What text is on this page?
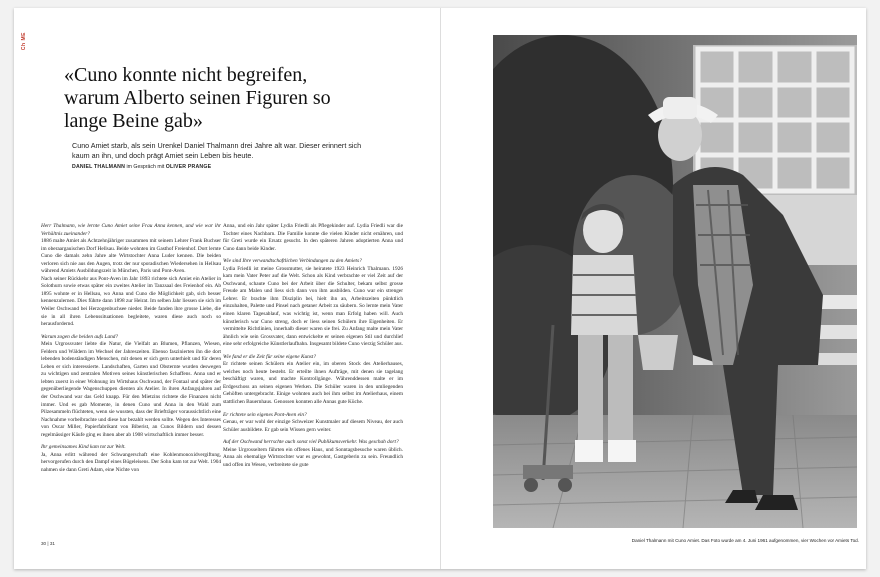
Ch ME
«Cuno konnte nicht begreifen, warum Alberto seinen Figuren so lange Beine gab»

Cuno Amiet starb, als sein Urenkel Daniel Thalmann drei Jahre alt war. Dieser erinnert sich kaum an ihn, und doch prägt Amiet sein Leben bis heute.

DANIEL THALMANN im Gespräch mit OLIVER PRANGE

Herr Thalmann, wie lernte Cuno Amiet seine Frau Anna kennen, und wie war ihr Verhältnis zueinander?

1886 malte Amiet als Achtzehnjähriger zusammen mit seinem Lehrer Frank Buchser im oberaargauischen Dorf Hellsau. Beide wohnten im Gasthof Freienhof. Dort lernte Cuno die damals zehn Jahre alte Wirtstochter Anna Luder kennen. Die beiden verloren sich nie aus den Augen, trotz der nur sporadischen Wiedersehen in Hellsau während Amiets Ausbildungszeit in München, Paris und Pont-Aven.

Nach seiner Rückkehr aus Pont-Aven im Jahr 1893 richtete sich Amiet ein Atelier in Solothurn sowie etwas später ein zweites Atelier im Tanzsaal des Freienhof ein. Ab 1895 wohnte er in Hellsau, wo Anna und Cuno die Möglichkeit gab, sich besser kennenzulernen. Dies führte dann 1898 zur Heirat. Im selben Jahr liessen sie sich im Weiler Oschwand bei Herzogenbuchsee nieder. Beide fanden ihre grosse Liebe, die sie in all ihren Lebenssituationen begleitete, waren diese auch noch so herausfordernd.

Warum zogen die beiden aufs Land?

Mein Urgrossvater liebte die Natur, die Vielfalt an Blumen, Pflanzen, Wiesen, Feldern und Wäldern im Wechsel der Jahreszeiten. Ebenso faszinierten ihn die dort lebenden bodenständigen Menschen, mit denen er sich gern unterhielt und für deren Leben er sich interessierte. Landschaften, Garten und Obsternte wurden deswegen zu wichtigen und zentralen Motiven seines künstlerischen Schaffens. Anna und er lebten zuerst in einer Wohnung im Wirtshaus Oschwand, der Fontaal und später der gegenüberliegende Wagenschuppen dienten als Atelier. In ihren Anfangsjahren auf der Oschwand war das Geld knapp. Für den Mietzins richtete die Finanzen nicht immer. Und es gab Momente, in denen Cuno und Anna in den Wald zum Pilzesammeln flüchteten, wenn sie wussten, dass der Briefträger voraussichtlich eine Nachnahme vorbeibrachte und diese bar bezahlt werden sollte. Wegen des Interesses von Oscar Miller, Papierfabrikant von Biberist, an Cunos Bildern und dessen regelmässiger Käufe ging es ihnen aber ab 1908 wirtschaftlich immer besser.

Ihr gemeinsames Kind kam tot zur Welt.

Ja, Anna erlitt während der Schwangerschaft eine Kohlenmonoxidvergiftung, hervorgerufen durch den Dampf eines Bügeleisens. Der Sohn kam tot zur Welt. 1904 nahmen sie dann Greti Adam, eine Nichte von

Anna, und ein Jahr später Lydia Friedli als Pflegekinder auf. Lydia Friedli war die Tochter eines Nachbarn. Die Familie konnte die vielen Kinder nicht ernähren, und für Greti wurde ein Ersatz gesucht. In den späteren Jahren adoptierten Anna und Cuno dann beide Kinder.

Wie sind Ihre verwandtschaftlichen Verbindungen zu den Amiets?

Lydia Friedli ist meine Grossmutter, sie heiratete 1923 Heinrich Thalmann. 1926 kam mein Vater Peter auf die Welt. Schon als Kind verbrachte er viel Zeit auf der Oschwand, schaute Cuno bei der Arbeit über die Schulter, bekam selbst grosse Freude am Malen und liess sich dann von ihm ausbilden. Cuno war ein strenger Lehrer. Er brachte ihm Disziplin bei, hielt ihn an, Arbeitszeiten pünktlich einzuhalten, Palette und Pinsel nach getaner Arbeit zu säubern. So lernte mein Vater einen klaren Tagesablauf, was wichtig ist, wenn man Erfolg haben will. Auch künstlerisch war Cuno streng, doch er liess seinen Schülern ihre Eigenheiten. Er vermittelte Richtlinien, innerhalb dieser waren sie frei. Zu Anfang malte mein Vater ähnlich wie sein Grossvater, dann entwickelte er seinen eigenen Stil und durchlief eine sehr erfolgreiche Künstlerlaufbahn. Insgesamt bildete Cuno vierzig Schüler aus.

Wie fand er die Zeit für seine eigene Kunst?

Er richtete seinen Schülern ein Atelier ein, im oberen Stock des Atelierhauses, welches noch heute besteht. Er erteilte ihnen Aufträge, mit denen sie tagelang beschäftigt waren, und machte Kontrollgänge. Währenddessen malte er im Erdgeschoss an seinen eigenen Werken. Die Schüler waren in den umliegenden Gehöften untergebracht. Einige wohnten auch bei ihm selbst im Atelierhaus, einem stattlichen Bauernhaus. Genossen konnten alle Annas gute Küche.

Er richtete sein eigenes Pont-Aven ein?

Genau, er war wohl der einzige Schweizer Kunstmaler auf diesem Niveau, der auch Schüler ausbildete. Er gab sein Wissen gern weiter.

Auf der Oschwand herrschte auch sonst viel Publikumsverkehr. Was geschah dort?

Meine Urgrosseltern führten ein offenes Haus, und Sonntagsbesuche waren üblich. Anna als ehemalige Wirtstochter war es gewohnt, Gastgeberin zu sein. Freundlich und offen im Wesen, verbreitete sie gute

30 | 31
Daniel Thalmann mit Cuno Amiet. Das Foto wurde am 4. Juni 1961 aufgenommen, vier Wochen vor Amiets Tod.
